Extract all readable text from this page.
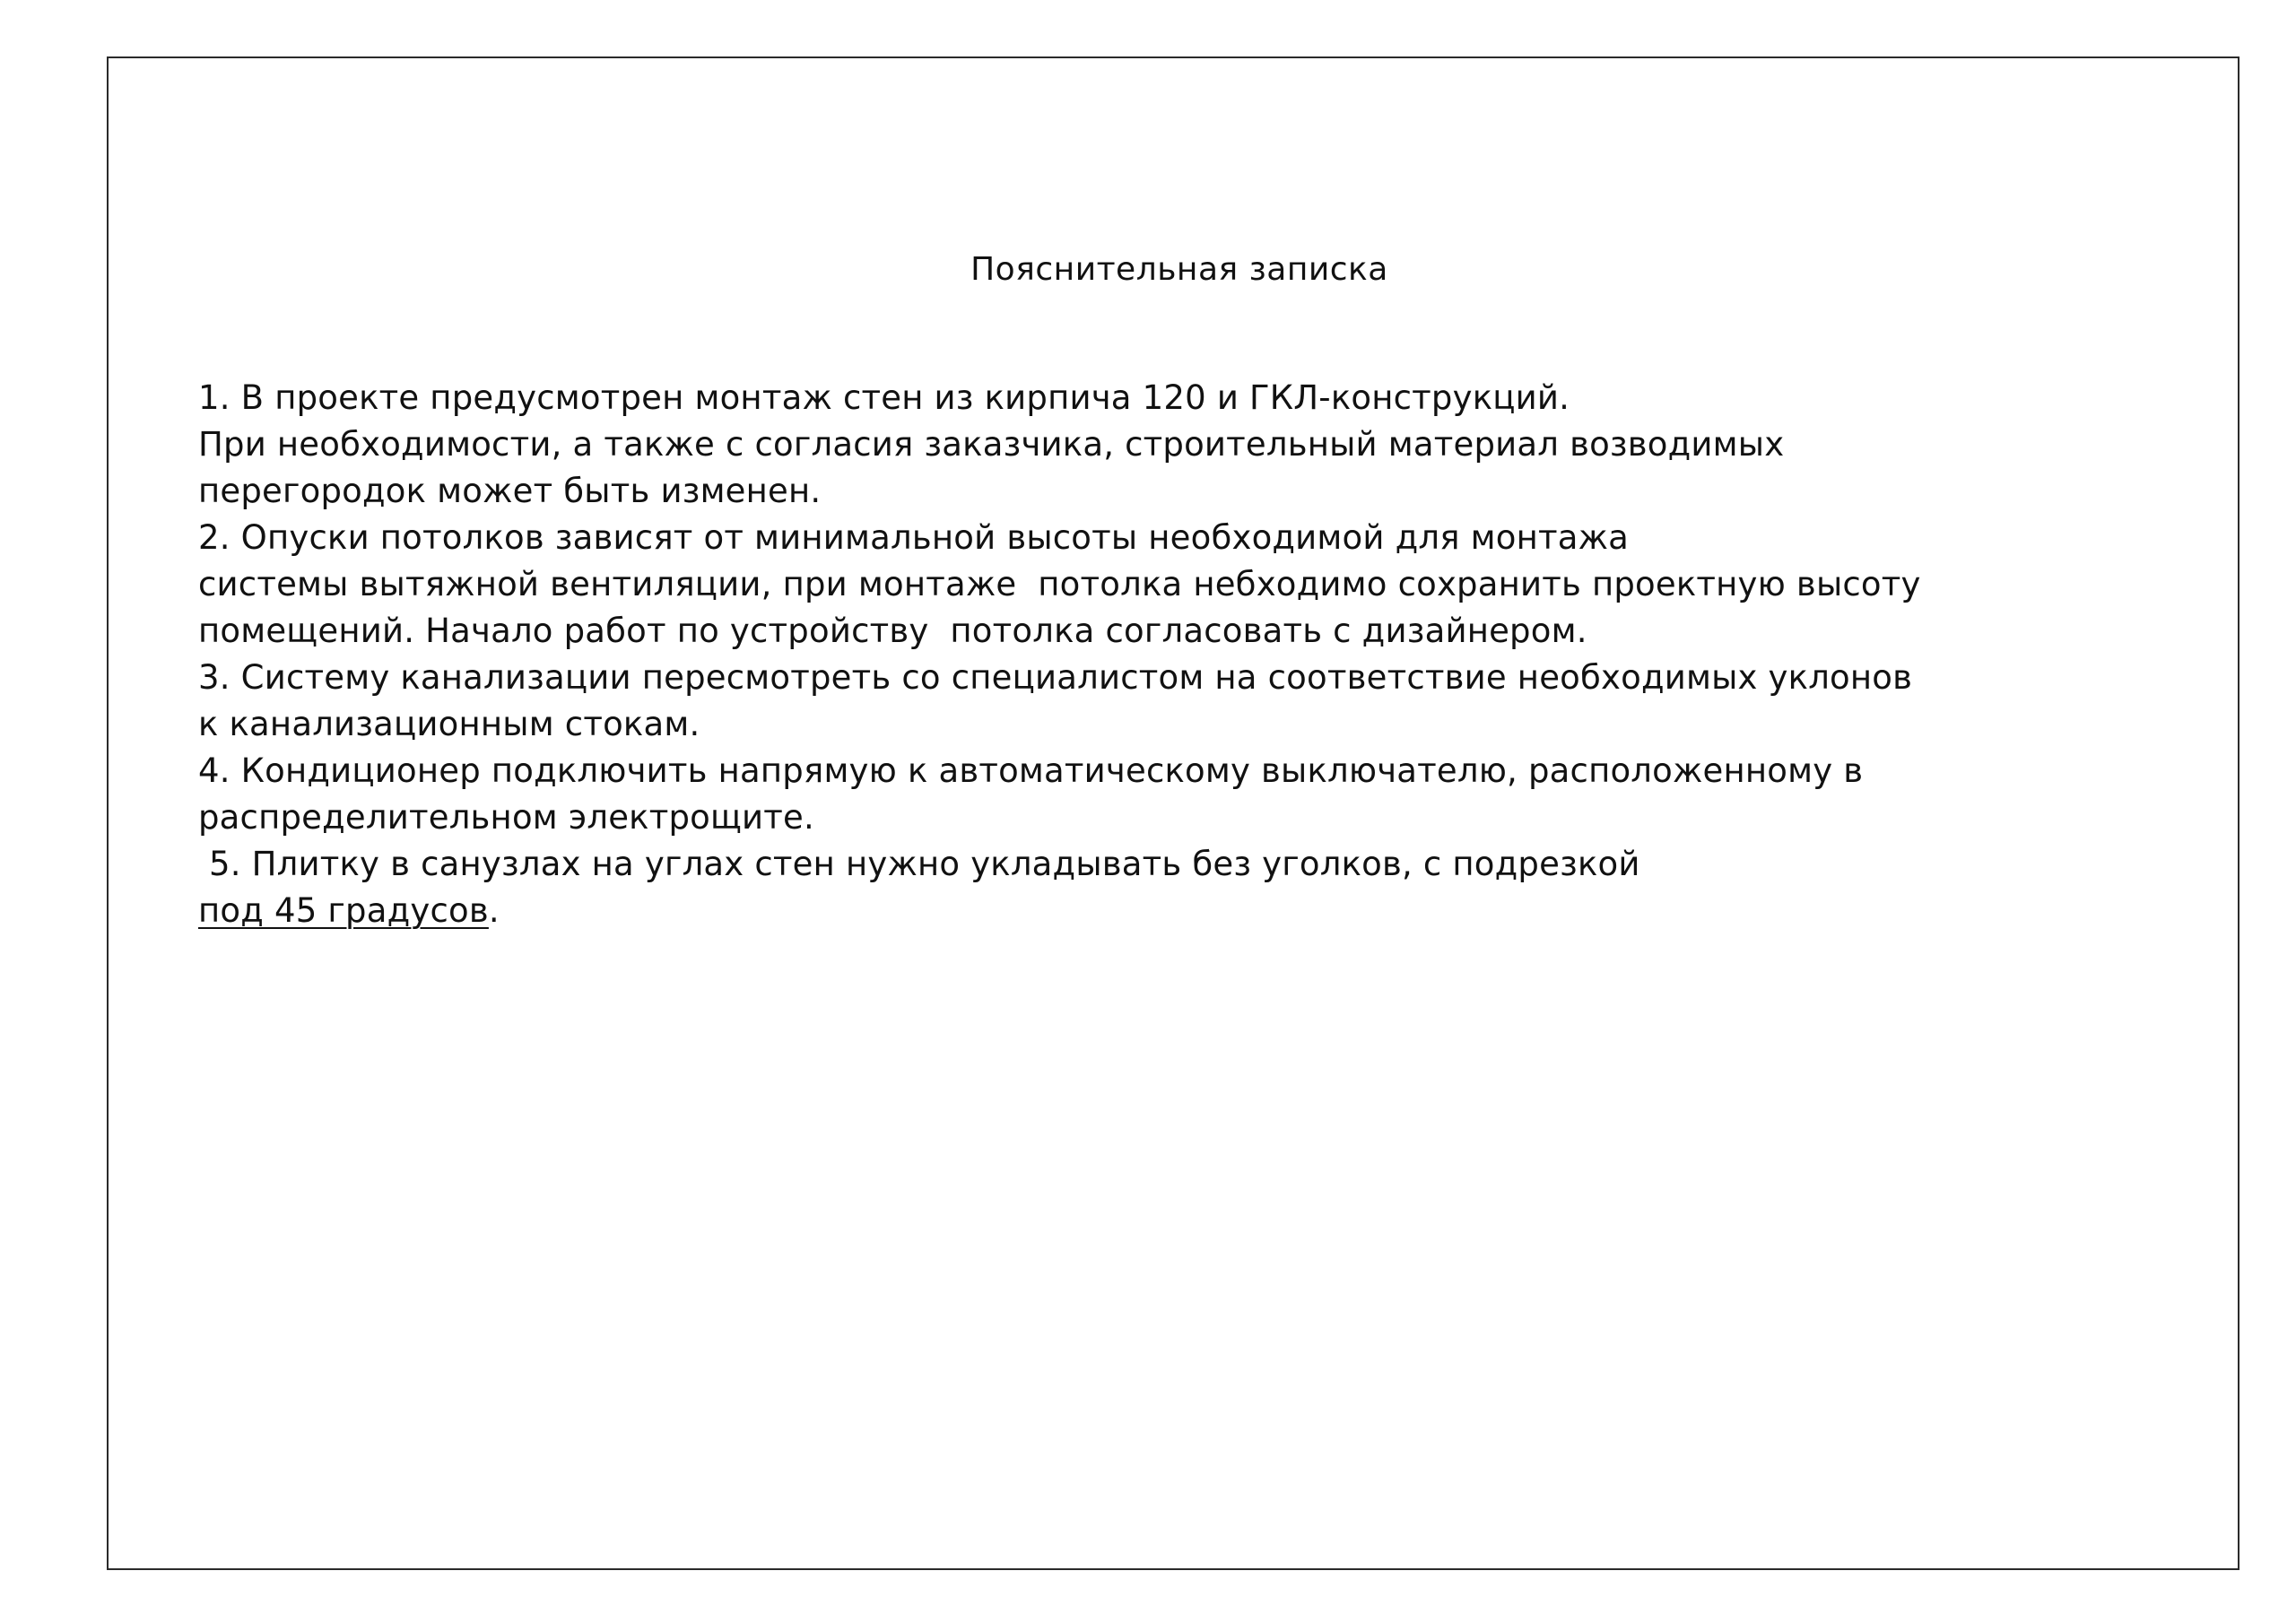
Пояснительная записка
1. В проекте предусмотрен монтаж стен из кирпича 120 и ГКЛ-конструкций.
При необходимости, а также с согласия заказчика, строительный материал возводимых
перегородок может быть изменен.
2. Опуски потолков зависят от минимальной высоты необходимой для монтажа
системы вытяжной вентиляции, при монтаже  потолка небходимо сохранить проектную высоту
помещений. Начало работ по устройству  потолка согласовать с дизайнером.
3. Систему канализации пересмотреть со специалистом на соответствие необходимых уклонов
к канализационным стокам.
4. Кондиционер подключить напрямую к автоматическому выключателю, расположенному в
распределительном электрощите.
5. Плитку в санузлах на углах стен нужно укладывать без уголков, с подрезкой
под 45 градусов.
